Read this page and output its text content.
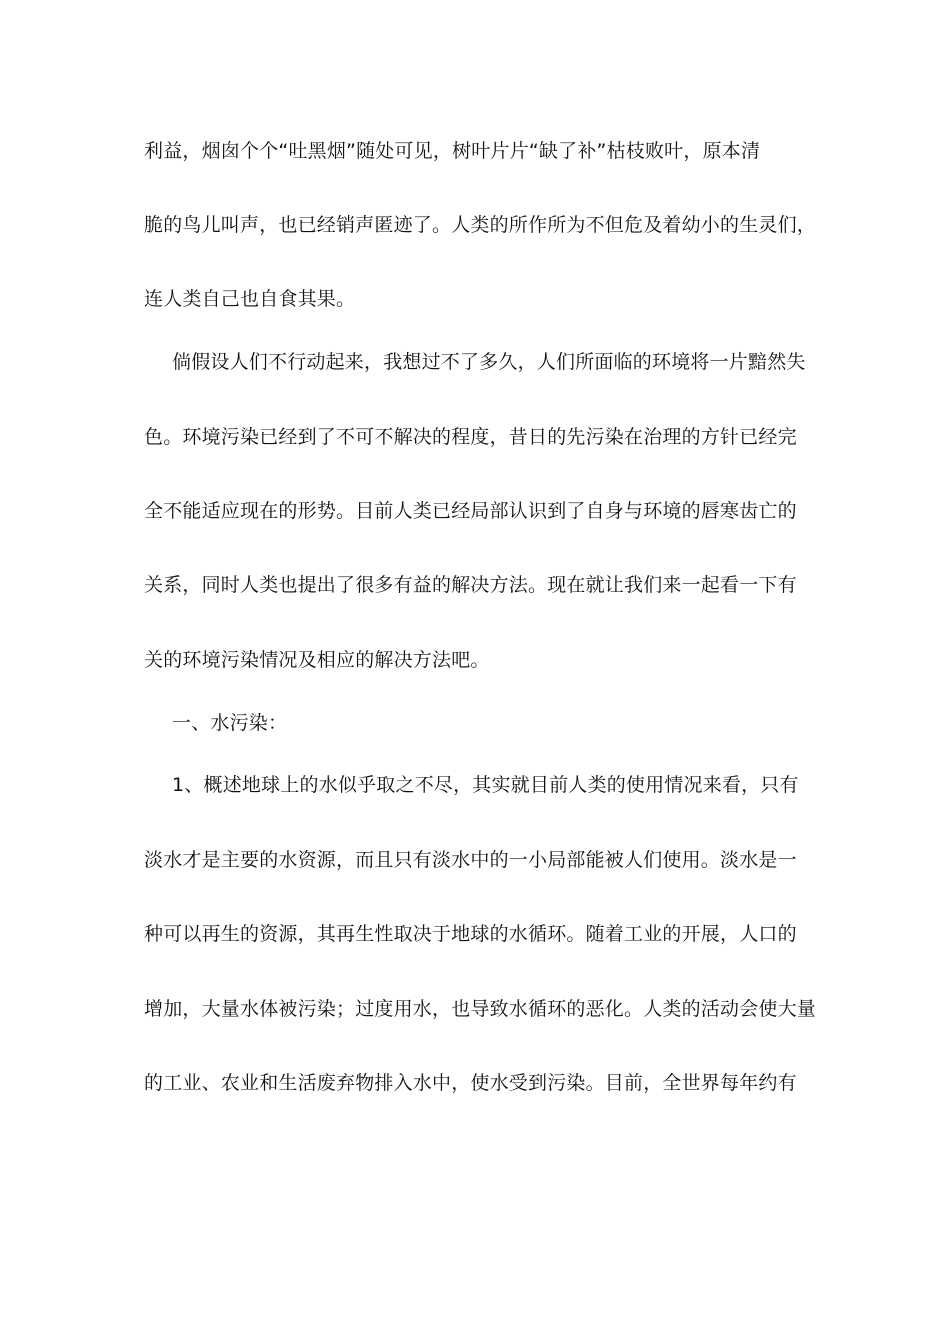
利益，烟囱个个“吐黑烟”随处可见，树叶片片“缺了补”枯枝败叶，原本清
脆的鸟儿叫声，也已经销声匿迹了。人类的所作所为不但危及着幼小的生灵们，
连人类自己也自食其果。
倘假设人们不行动起来，我想过不了多久，人们所面临的环境将一片黯然失
色。环境污染已经到了不可不解决的程度，昔日的先污染在治理的方针已经完
全不能适应现在的形势。目前人类已经局部认识到了自身与环境的唇寒齿亡的
关系，同时人类也提出了很多有益的解决方法。现在就让我们来一起看一下有
关的环境污染情况及相应的解决方法吧。
一、水污染：
1、概述地球上的水似乎取之不尽，其实就目前人类的使用情况来看，只有
淡水才是主要的水资源，而且只有淡水中的一小局部能被人们使用。淡水是一
种可以再生的资源，其再生性取决于地球的水循环。随着工业的开展，人口的
增加，大量水体被污染；过度用水，也导致水循环的恶化。人类的活动会使大量
的工业、农业和生活废弃物排入水中，使水受到污染。目前，全世界每年约有
